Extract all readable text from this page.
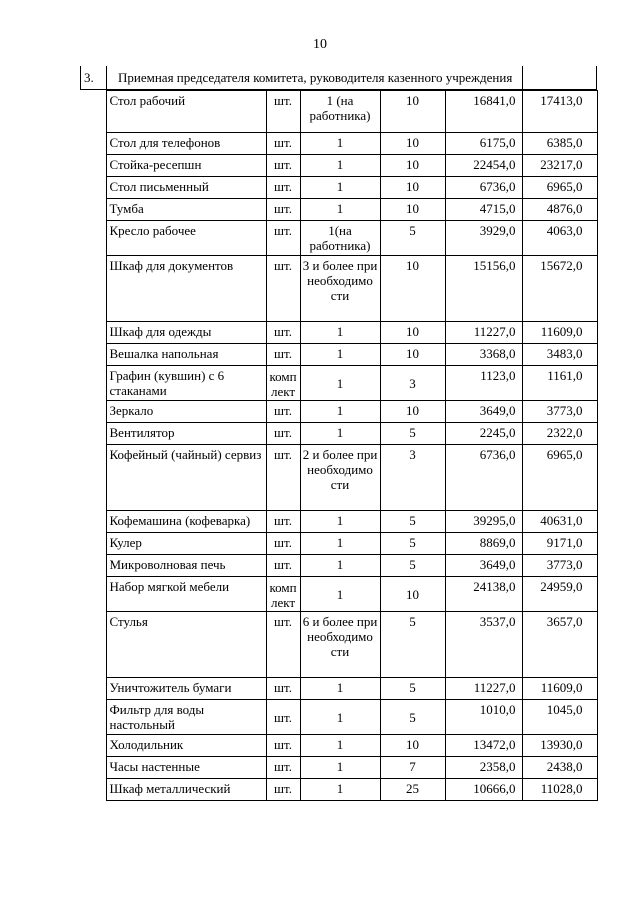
10
3. Приемная председателя комитета, руководителя казенного учреждения
	Стол рабочий	шт.	1 (на работника)	10	16841,0	17413,0
	Стол для телефонов	шт.	1	10	6175,0	6385,0
	Стойка-ресепшн	шт.	1	10	22454,0	23217,0
	Стол письменный	шт.	1	10	6736,0	6965,0
	Тумба	шт.	1	10	4715,0	4876,0
	Кресло рабочее	шт.	1(на работника)	5	3929,0	4063,0
	Шкаф для документов	шт.	3 и более при необходимо сти	10	15156,0	15672,0
	Шкаф для одежды	шт.	1	10	11227,0	11609,0
	Вешалка напольная	шт.	1	10	3368,0	3483,0
	Графин (кувшин) с 6 стаканами	комп лект	1	3	1123,0	1161,0
	Зеркало	шт.	1	10	3649,0	3773,0
	Вентилятор	шт.	1	5	2245,0	2322,0
	Кофейный (чайный) сервиз	шт.	2 и более при необходимо сти	3	6736,0	6965,0
	Кофемашина (кофеварка)	шт.	1	5	39295,0	40631,0
	Кулер	шт.	1	5	8869,0	9171,0
	Микроволновая печь	шт.	1	5	3649,0	3773,0
	Набор мягкой мебели	комп лект	1	10	24138,0	24959,0
	Стулья	шт.	6 и более при необходимо сти	5	3537,0	3657,0
	Уничтожитель бумаги	шт.	1	5	11227,0	11609,0
	Фильтр для воды настольный	шт.	1	5	1010,0	1045,0
	Холодильник	шт.	1	10	13472,0	13930,0
	Часы настенные	шт.	1	7	2358,0	2438,0
	Шкаф металлический	шт.	1	25	10666,0	11028,0
